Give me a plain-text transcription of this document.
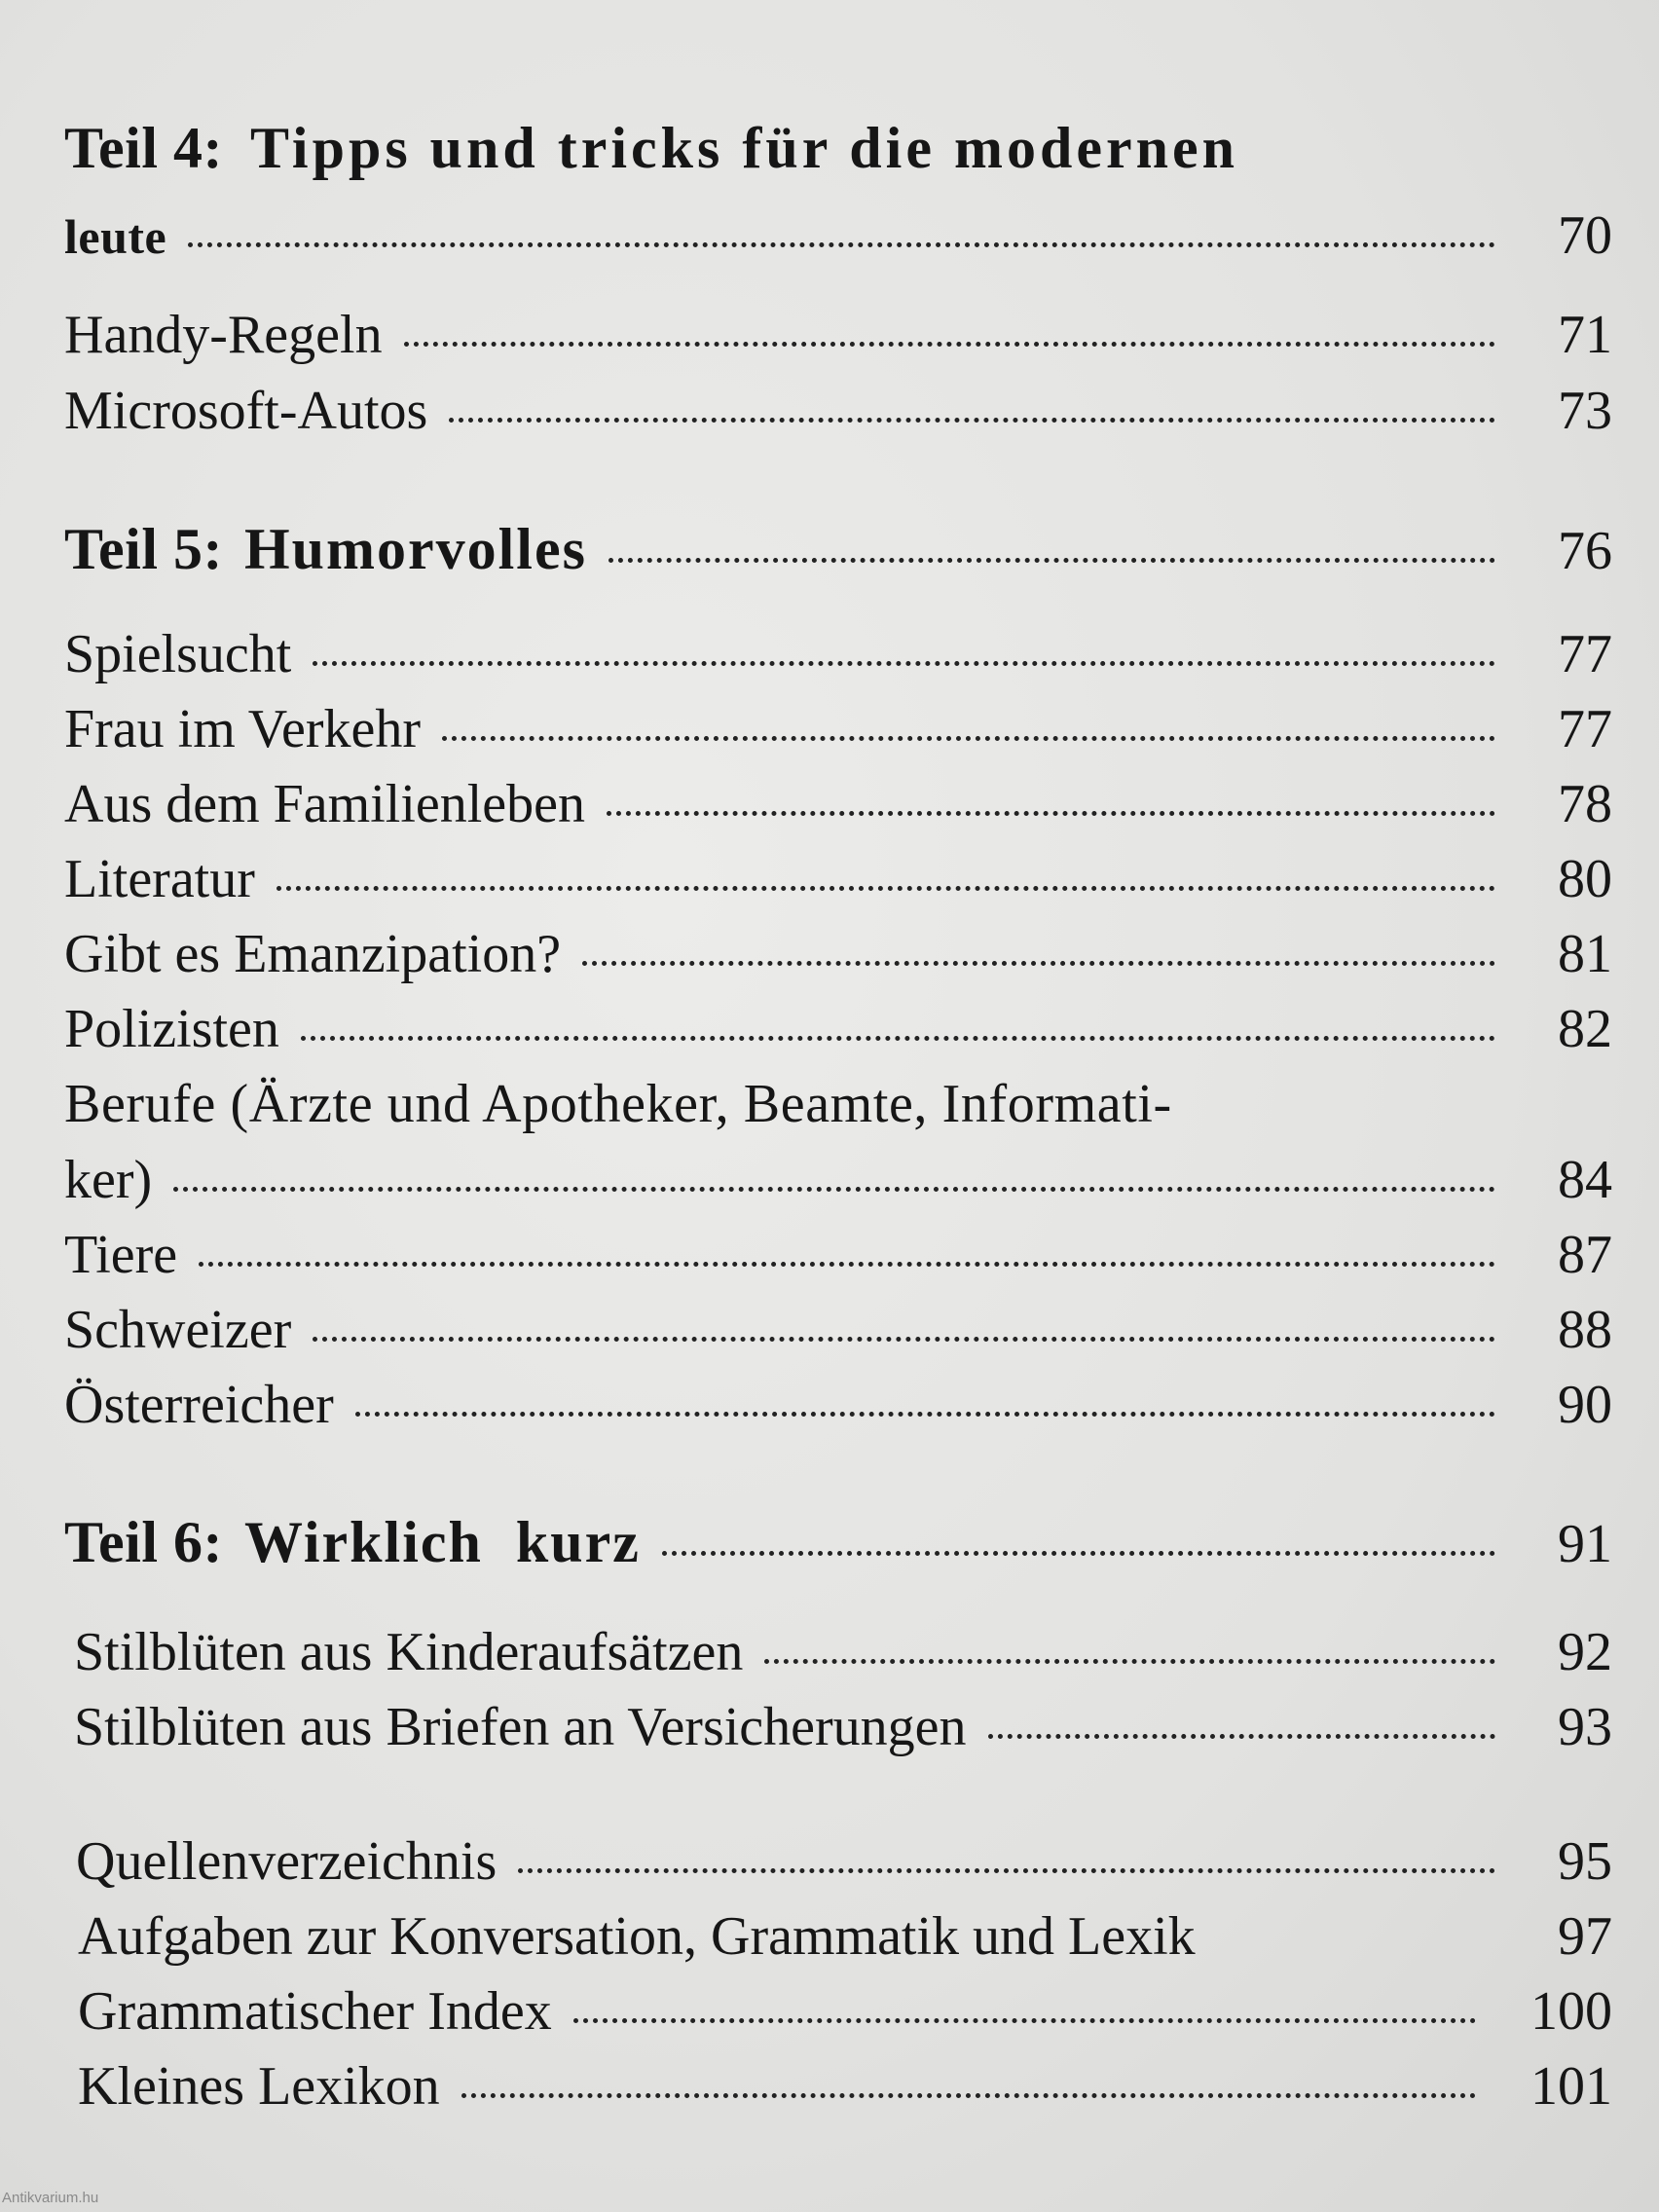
Teil 4: Tipps und tricks für die modernen
leute	70
Handy-Regeln	71
Microsoft-Autos	73
Teil 5: Humorvolles	76
Spielsucht	77
Frau im Verkehr	77
Aus dem Familienleben	78
Literatur	80
Gibt es Emanzipation?	81
Polizisten	82
Berufe (Ärzte und Apotheker, Beamte, Informati-
ker)	84
Tiere	87
Schweizer	88
Österreicher	90
Teil 6: Wirklich  kurz	91
Stilblüten aus Kinderaufsätzen	92
Stilblüten aus Briefen an Versicherungen	93
Quellenverzeichnis	95
Aufgaben zur Konversation, Grammatik und Lexik	97
Grammatischer Index	100
Kleines Lexikon	101
Antikvarium.hu
